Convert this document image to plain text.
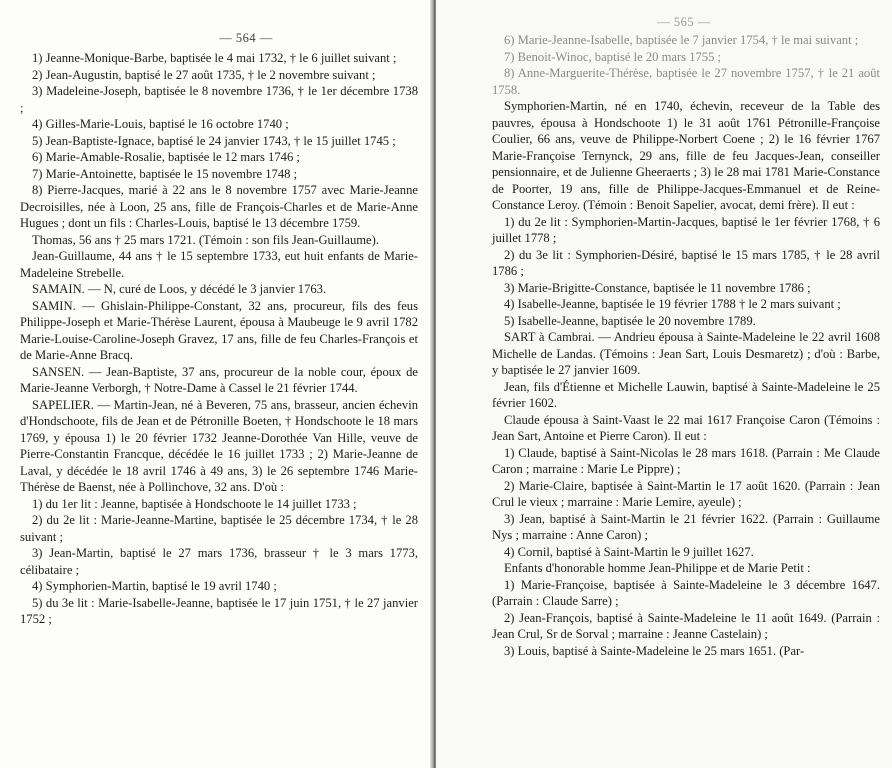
— 564 —

1) Jeanne-Monique-Barbe, baptisée le 4 mai 1732, † le 6 juillet suivant ;

2) Jean-Augustin, baptisé le 27 août 1735, † le 2 novembre suivant ;

3) Madeleine-Joseph, baptisée le 8 novembre 1736, † le 1er décembre 1738 ;

4) Gilles-Marie-Louis, baptisé le 16 octobre 1740 ;

5) Jean-Baptiste-Ignace, baptisé le 24 janvier 1743, † le 15 juillet 1745 ;

6) Marie-Amable-Rosalie, baptisée le 12 mars 1746 ;

7) Marie-Antoinette, baptisée le 15 novembre 1748 ;

8) Pierre-Jacques, marié à 22 ans le 8 novembre 1757 avec Marie-Jeanne Decroisilles, née à Loon, 25 ans, fille de François-Charles et de Marie-Anne Hugues ; dont un fils : Charles-Louis, baptisé le 13 décembre 1759.

Thomas, 56 ans † 25 mars 1721. (Témoin : son fils Jean-Guillaume).

Jean-Guillaume, 44 ans † le 15 septembre 1733, eut huit enfants de Marie-Madeleine Strebelle.

SAMAIN. — N, curé de Loos, y décédé le 3 janvier 1763.

SAMIN. — Ghislain-Philippe-Constant, 32 ans, procureur, fils des feus Philippe-Joseph et Marie-Thérèse Laurent, épousa à Maubeuge le 9 avril 1782 Marie-Louise-Caroline-Joseph Gravez, 17 ans, fille de feu Charles-François et de Marie-Anne Bracq.

SANSEN. — Jean-Baptiste, 37 ans, procureur de la noble cour, époux de Marie-Jeanne Verborgh, † Notre-Dame à Cassel le 21 février 1744.

SAPELIER. — Martin-Jean, né à Beveren, 75 ans, brasseur, ancien échevin d'Hondschoote, fils de Jean et de Pétronille Boeten, † Hondschoote le 18 mars 1769, y épousa 1) le 20 février 1732 Jeanne-Dorothée Van Hille, veuve de Pierre-Constantin Francque, décédée le 16 juillet 1733 ; 2) Marie-Jeanne de Laval, y décédée le 18 avril 1746 à 49 ans, 3) le 26 septembre 1746 Marie-Thérèse de Baenst, née à Pollinchove, 32 ans. D'où :

1) du 1er lit : Jeanne, baptisée à Hondschoote le 14 juillet 1733 ;

2) du 2e lit : Marie-Jeanne-Martine, baptisée le 25 décembre 1734, † le 28 suivant ;

3) Jean-Martin, baptisé le 27 mars 1736, brasseur † le 3 mars 1773, célibataire ;

4) Symphorien-Martin, baptisé le 19 avril 1740 ;

5) du 3e lit : Marie-Isabelle-Jeanne, baptisée le 17 juin 1751, † le 27 janvier 1752 ;

— 565 —

6) Marie-Jeanne-Isabelle, baptisée le 7 janvier 1754, † le mai suivant ;

7) Benoit-Winoc, baptisé le 20 mars 1755 ;

8) Anne-Marguerite-Thérèse, baptisée le 27 novembre 1757, † le 21 août 1758.

Symphorien-Martin, né en 1740, échevin, receveur de la Table des pauvres, épousa à Hondschoote 1) le 31 août 1761 Pétronille-Françoise Coulier, 66 ans, veuve de Philippe-Norbert Coene ; 2) le 16 février 1767 Marie-Françoise Ternynck, 29 ans, fille de feu Jacques-Jean, conseiller pensionnaire, et de Julienne Gheeraerts ; 3) le 28 mai 1781 Marie-Constance de Poorter, 19 ans, fille de Philippe-Jacques-Emmanuel et de Reine-Constance Leroy. (Témoin : Benoit Sapelier, avocat, demi frère). Il eut :

1) du 2e lit : Symphorien-Martin-Jacques, baptisé le 1er février 1768, † 6 juillet 1778 ;

2) du 3e lit : Symphorien-Désiré, baptisé le 15 mars 1785, † le 28 avril 1786 ;

3) Marie-Brigitte-Constance, baptisée le 11 novembre 1786 ;

4) Isabelle-Jeanne, baptisée le 19 février 1788 † le 2 mars suivant ;

5) Isabelle-Jeanne, baptisée le 20 novembre 1789.

SART à Cambrai. — Andrieu épousa à Sainte-Madeleine le 22 avril 1608 Michelle de Landas. (Témoins : Jean Sart, Louis Desmaretz) ; d'où : Barbe, y baptisée le 27 janvier 1609.

Jean, fils d'Étienne et Michelle Lauwin, baptisé à Sainte-Madeleine le 25 février 1602.

Claude épousa à Saint-Vaast le 22 mai 1617 Françoise Caron (Témoins : Jean Sart, Antoine et Pierre Caron). Il eut :

1) Claude, baptisé à Saint-Nicolas le 28 mars 1618. (Parrain : Me Claude Caron ; marraine : Marie Le Pippre) ;

2) Marie-Claire, baptisée à Saint-Martin le 17 août 1620. (Parrain : Jean Crul le vieux ; marraine : Marie Lemire, ayeule) ;

3) Jean, baptisé à Saint-Martin le 21 février 1622. (Parrain : Guillaume Nys ; marraine : Anne Caron) ;

4) Cornil, baptisé à Saint-Martin le 9 juillet 1627.

Enfants d'honorable homme Jean-Philippe et de Marie Petit :

1) Marie-Françoise, baptisée à Sainte-Madeleine le 3 décembre 1647. (Parrain : Claude Sarre) ;

2) Jean-François, baptisé à Sainte-Madeleine le 11 août 1649. (Parrain : Jean Crul, Sr de Sorval ; marraine : Jeanne Castelain) ;

3) Louis, baptisé à Sainte-Madeleine le 25 mars 1651. (Par-
